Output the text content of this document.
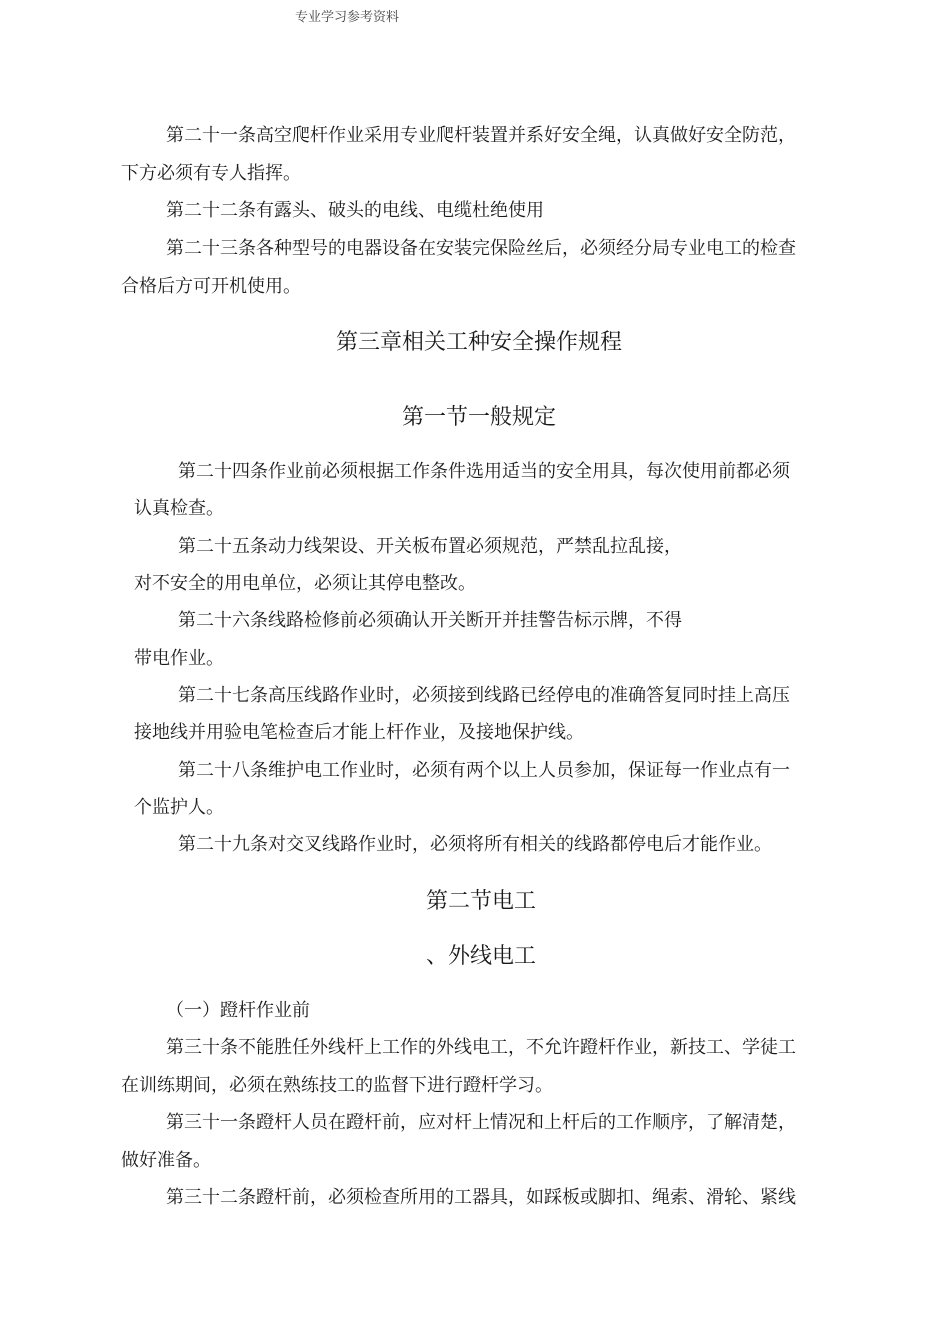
专业学习参考资料
第二十一条高空爬杆作业采用专业爬杆装置并系好安全绳，认真做好安全防范，
下方必须有专人指挥。
第二十二条有露头、破头的电线、电缆杜绝使用
第二十三条各种型号的电器设备在安装完保险丝后，必须经分局专业电工的检查
合格后方可开机使用。
第三章相关工种安全操作规程
第一节一般规定
第二十四条作业前必须根据工作条件选用适当的安全用具，每次使用前都必须
认真检查。
第二十五条动力线架设、开关板布置必须规范，严禁乱拉乱接，
对不安全的用电单位，必须让其停电整改。
第二十六条线路检修前必须确认开关断开并挂警告标示牌，不得
带电作业。
第二十七条高压线路作业时，必须接到线路已经停电的准确答复同时挂上高压
接地线并用验电笔检查后才能上杆作业，及接地保护线。
第二十八条维护电工作业时，必须有两个以上人员参加，保证每一作业点有一
个监护人。
第二十九条对交叉线路作业时，必须将所有相关的线路都停电后才能作业。
第二节电工
、外线电工
（一）蹬杆作业前
第三十条不能胜任外线杆上工作的外线电工，不允许蹬杆作业，新技工、学徒工
在训练期间，必须在熟练技工的监督下进行蹬杆学习。
第三十一条蹬杆人员在蹬杆前，应对杆上情况和上杆后的工作顺序，了解清楚，
做好准备。
第三十二条蹬杆前，必须检查所用的工器具，如踩板或脚扣、绳索、滑轮、紧线
